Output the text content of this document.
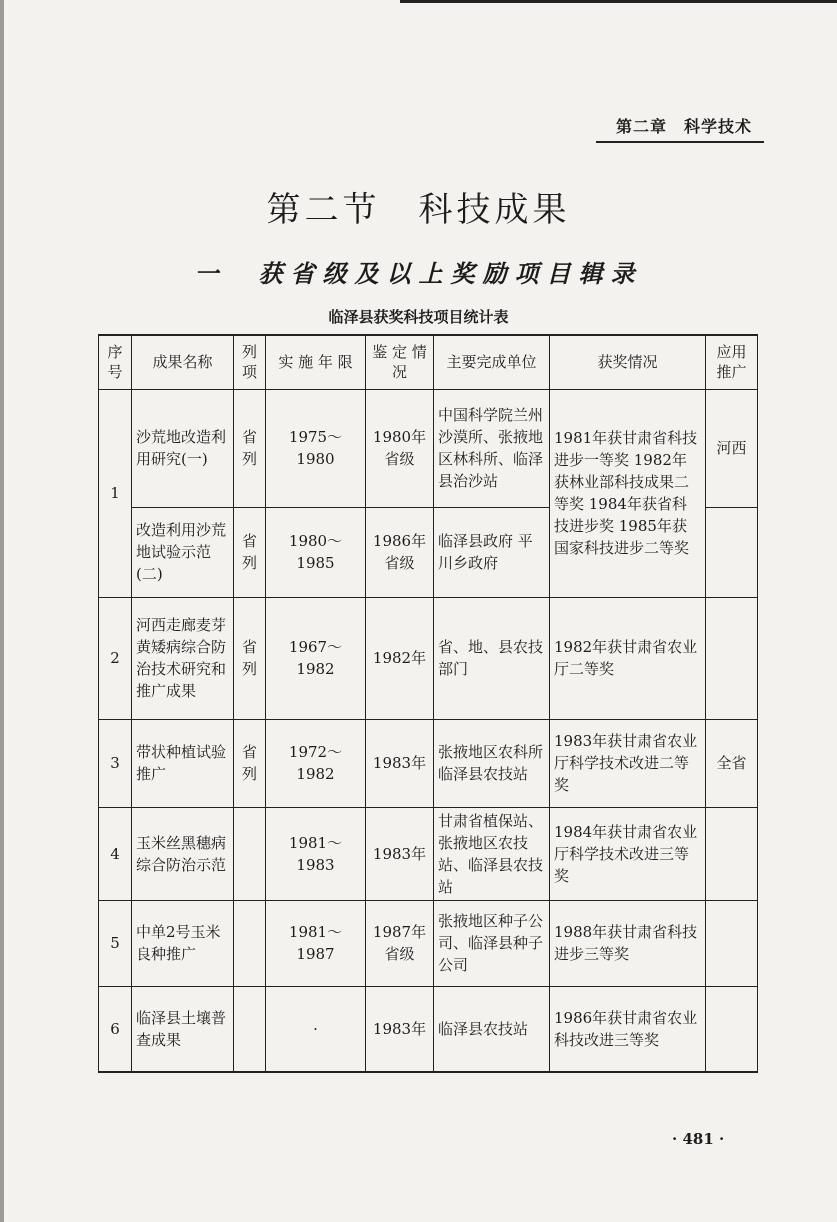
第二章　科学技术
第二节　科技成果
一　获省级及以上奖励项目辑录
临泽县获奖科技项目统计表
序号	成果名称	列项	实 施 年 限	鉴 定 情 况	主要完成单位	获奖情况	应用推广
1	沙荒地改造利用研究(一)	省列	1975～1980	1980年省级	中国科学院兰州沙漠所、张掖地区林科所、临泽县治沙站	1981年获甘肃省科技进步一等奖 1982年获林业部科技成果二等奖 1984年获省科技进步奖 1985年获国家科技进步二等奖	河西
	改造利用沙荒地试验示范(二)	省列	1980～1985	1986年省级	临泽县政府 平川乡政府		
2	河西走廊麦芽黄矮病综合防治技术研究和推广成果	省列	1967～1982	1982年	省、地、县农技部门	1982年获甘肃省农业厅二等奖	
3	带状种植试验推广	省列	1972～1982	1983年	张掖地区农科所 临泽县农技站	1983年获甘肃省农业厅科学技术改进二等奖	全省
4	玉米丝黑穗病综合防治示范		1981～1983	1983年	甘肃省植保站、张掖地区农技站、临泽县农技站	1984年获甘肃省农业厅科学技术改进三等奖	
5	中单2号玉米良种推广		1981～1987	1987年省级	张掖地区种子公司、临泽县种子公司	1988年获甘肃省科技进步三等奖	
6	临泽县土壤普查成果		·	1983年	临泽县农技站	1986年获甘肃省农业科技改进三等奖	
· 481 ·
